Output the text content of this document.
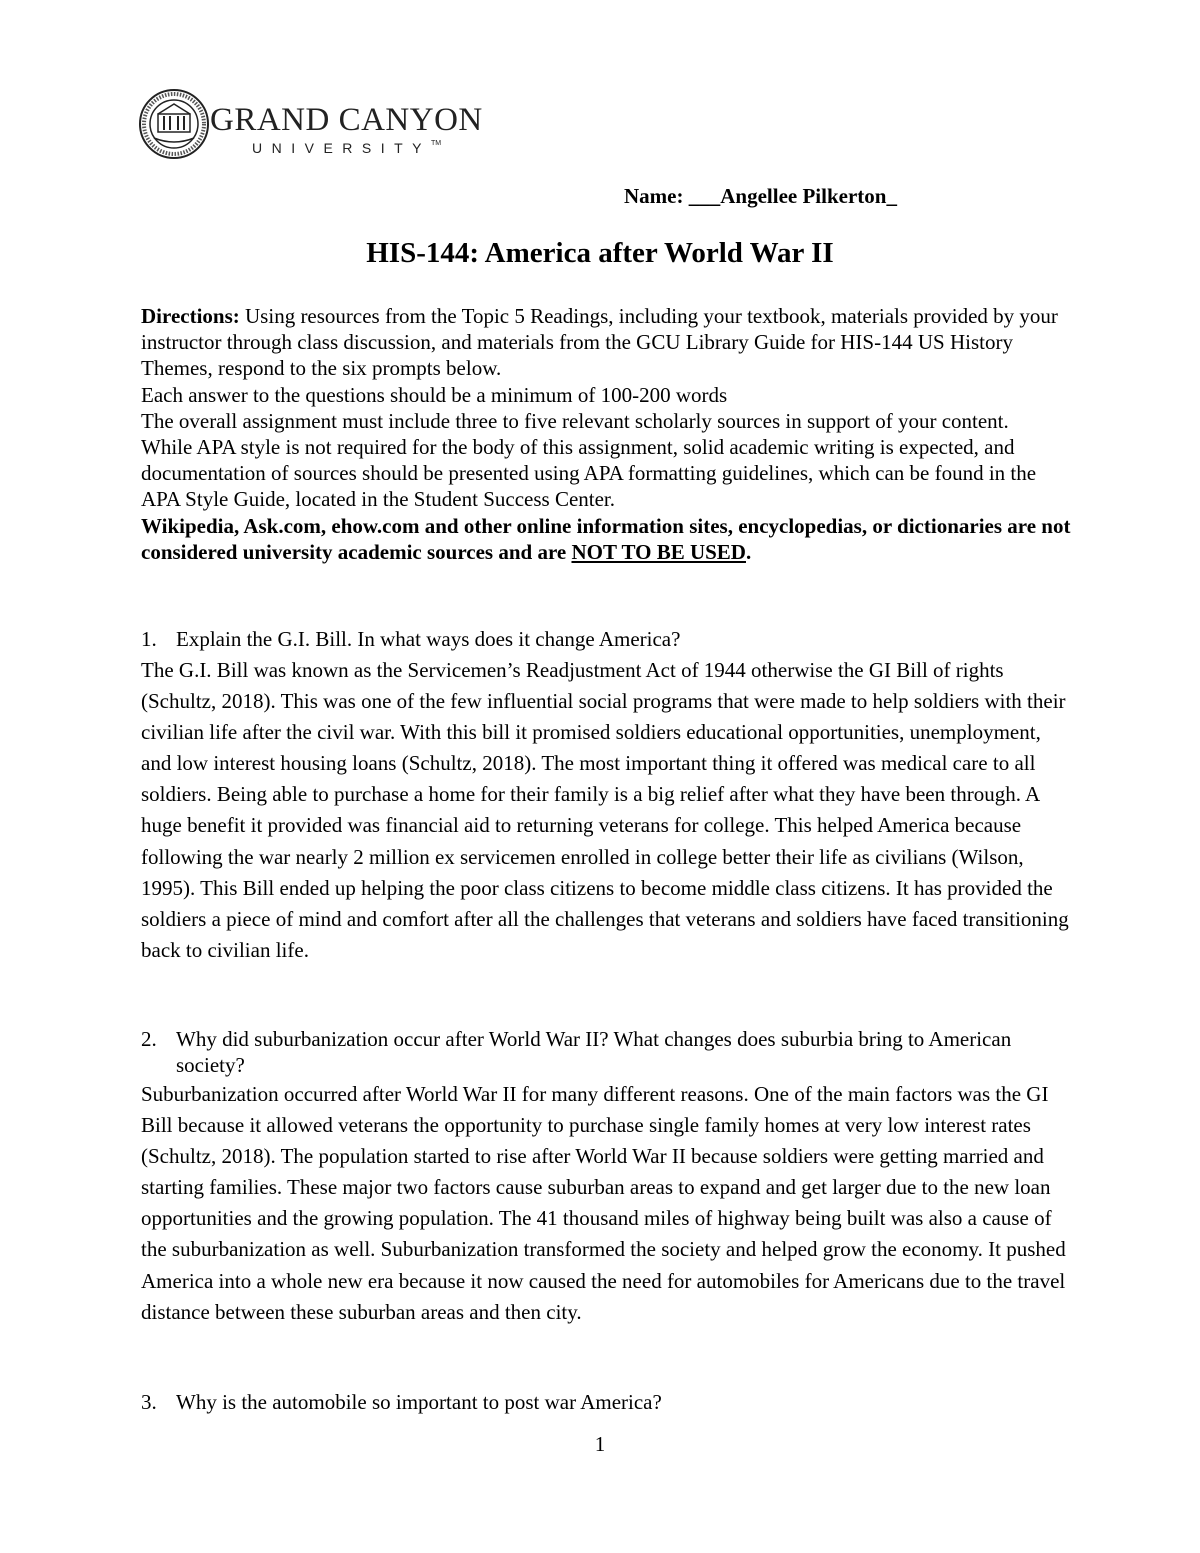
GRAND CANYON
UNIVERSITY™
Name: ___Angellee Pilkerton_
HIS-144: America after World War II

Directions: Using resources from the Topic 5 Readings, including your textbook, materials provided by your instructor through class discussion, and materials from the GCU Library Guide for HIS-144 US History Themes, respond to the six prompts below.

Each answer to the questions should be a minimum of 100-200 words

The overall assignment must include three to five relevant scholarly sources in support of your content.

While APA style is not required for the body of this assignment, solid academic writing is expected, and documentation of sources should be presented using APA formatting guidelines, which can be found in the APA Style Guide, located in the Student Success Center.

Wikipedia, Ask.com, ehow.com and other online information sites, encyclopedias, or dictionaries are not considered university academic sources and are NOT TO BE USED.

1. Explain the G.I. Bill. In what ways does it change America?

The G.I. Bill was known as the Servicemen’s Readjustment Act of 1944 otherwise the GI Bill of rights (Schultz, 2018). This was one of the few influential social programs that were made to help soldiers with their civilian life after the civil war. With this bill it promised soldiers educational opportunities, unemployment, and low interest housing loans (Schultz, 2018). The most important thing it offered was medical care to all soldiers. Being able to purchase a home for their family is a big relief after what they have been through. A huge benefit it provided was financial aid to returning veterans for college. This helped America because following the war nearly 2 million ex servicemen enrolled in college better their life as civilians (Wilson, 1995). This Bill ended up helping the poor class citizens to become middle class citizens. It has provided the soldiers a piece of mind and comfort after all the challenges that veterans and soldiers have faced transitioning back to civilian life.

2. Why did suburbanization occur after World War II? What changes does suburbia bring to American society?

Suburbanization occurred after World War II for many different reasons. One of the main factors was the GI Bill because it allowed veterans the opportunity to purchase single family homes at very low interest rates (Schultz, 2018). The population started to rise after World War II because soldiers were getting married and starting families. These major two factors cause suburban areas to expand and get larger due to the new loan opportunities and the growing population. The 41 thousand miles of highway being built was also a cause of the suburbanization as well. Suburbanization transformed the society and helped grow the economy. It pushed America into a whole new era because it now caused the need for automobiles for Americans due to the travel distance between these suburban areas and then city.

3. Why is the automobile so important to post war America?
1
